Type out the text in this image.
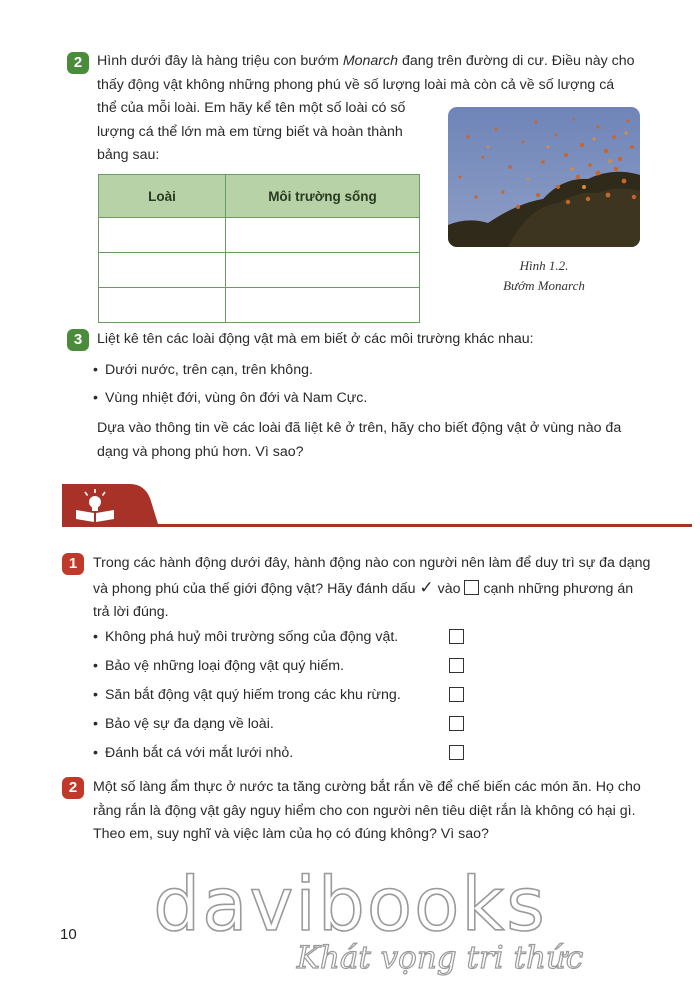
2	Hình dưới đây là hàng triệu con bướm Monarch đang trên đường di cư. Điều này cho
thấy động vật không những phong phú về số lượng loài mà còn cả về số lượng cá
thể của mỗi loài. Em hãy kể tên một số loài có số
lượng cá thể lớn mà em từng biết và hoàn thành
bảng sau:
Loài	Môi trường sống

Hình 1.2.
Bướm Monarch
3	Liệt kê tên các loài động vật mà em biết ở các môi trường khác nhau:
• Dưới nước, trên cạn, trên không.
• Vùng nhiệt đới, vùng ôn đới và Nam Cực.
Dựa vào thông tin về các loài đã liệt kê ở trên, hãy cho biết động vật ở vùng nào đa
dạng và phong phú hơn. Vì sao?
1	Trong các hành động dưới đây, hành động nào con người nên làm để duy trì sự đa dạng
và phong phú của thế giới động vật? Hãy đánh dấu ✓ vào  cạnh những phương án
trả lời đúng.
• Không phá huỷ môi trường sống của động vật.
• Bảo vệ những loại động vật quý hiếm.
• Săn bắt động vật quý hiếm trong các khu rừng.
• Bảo vệ sự đa dạng về loài.
• Đánh bắt cá với mắt lưới nhỏ.
2	Một số làng ẩm thực ở nước ta tăng cường bắt rắn về để chế biến các món ăn. Họ cho
rằng rắn là động vật gây nguy hiểm cho con người nên tiêu diệt rắn là không có hại gì.
Theo em, suy nghĩ và việc làm của họ có đúng không? Vì sao?
davibooks
Khát vọng tri thức
10
